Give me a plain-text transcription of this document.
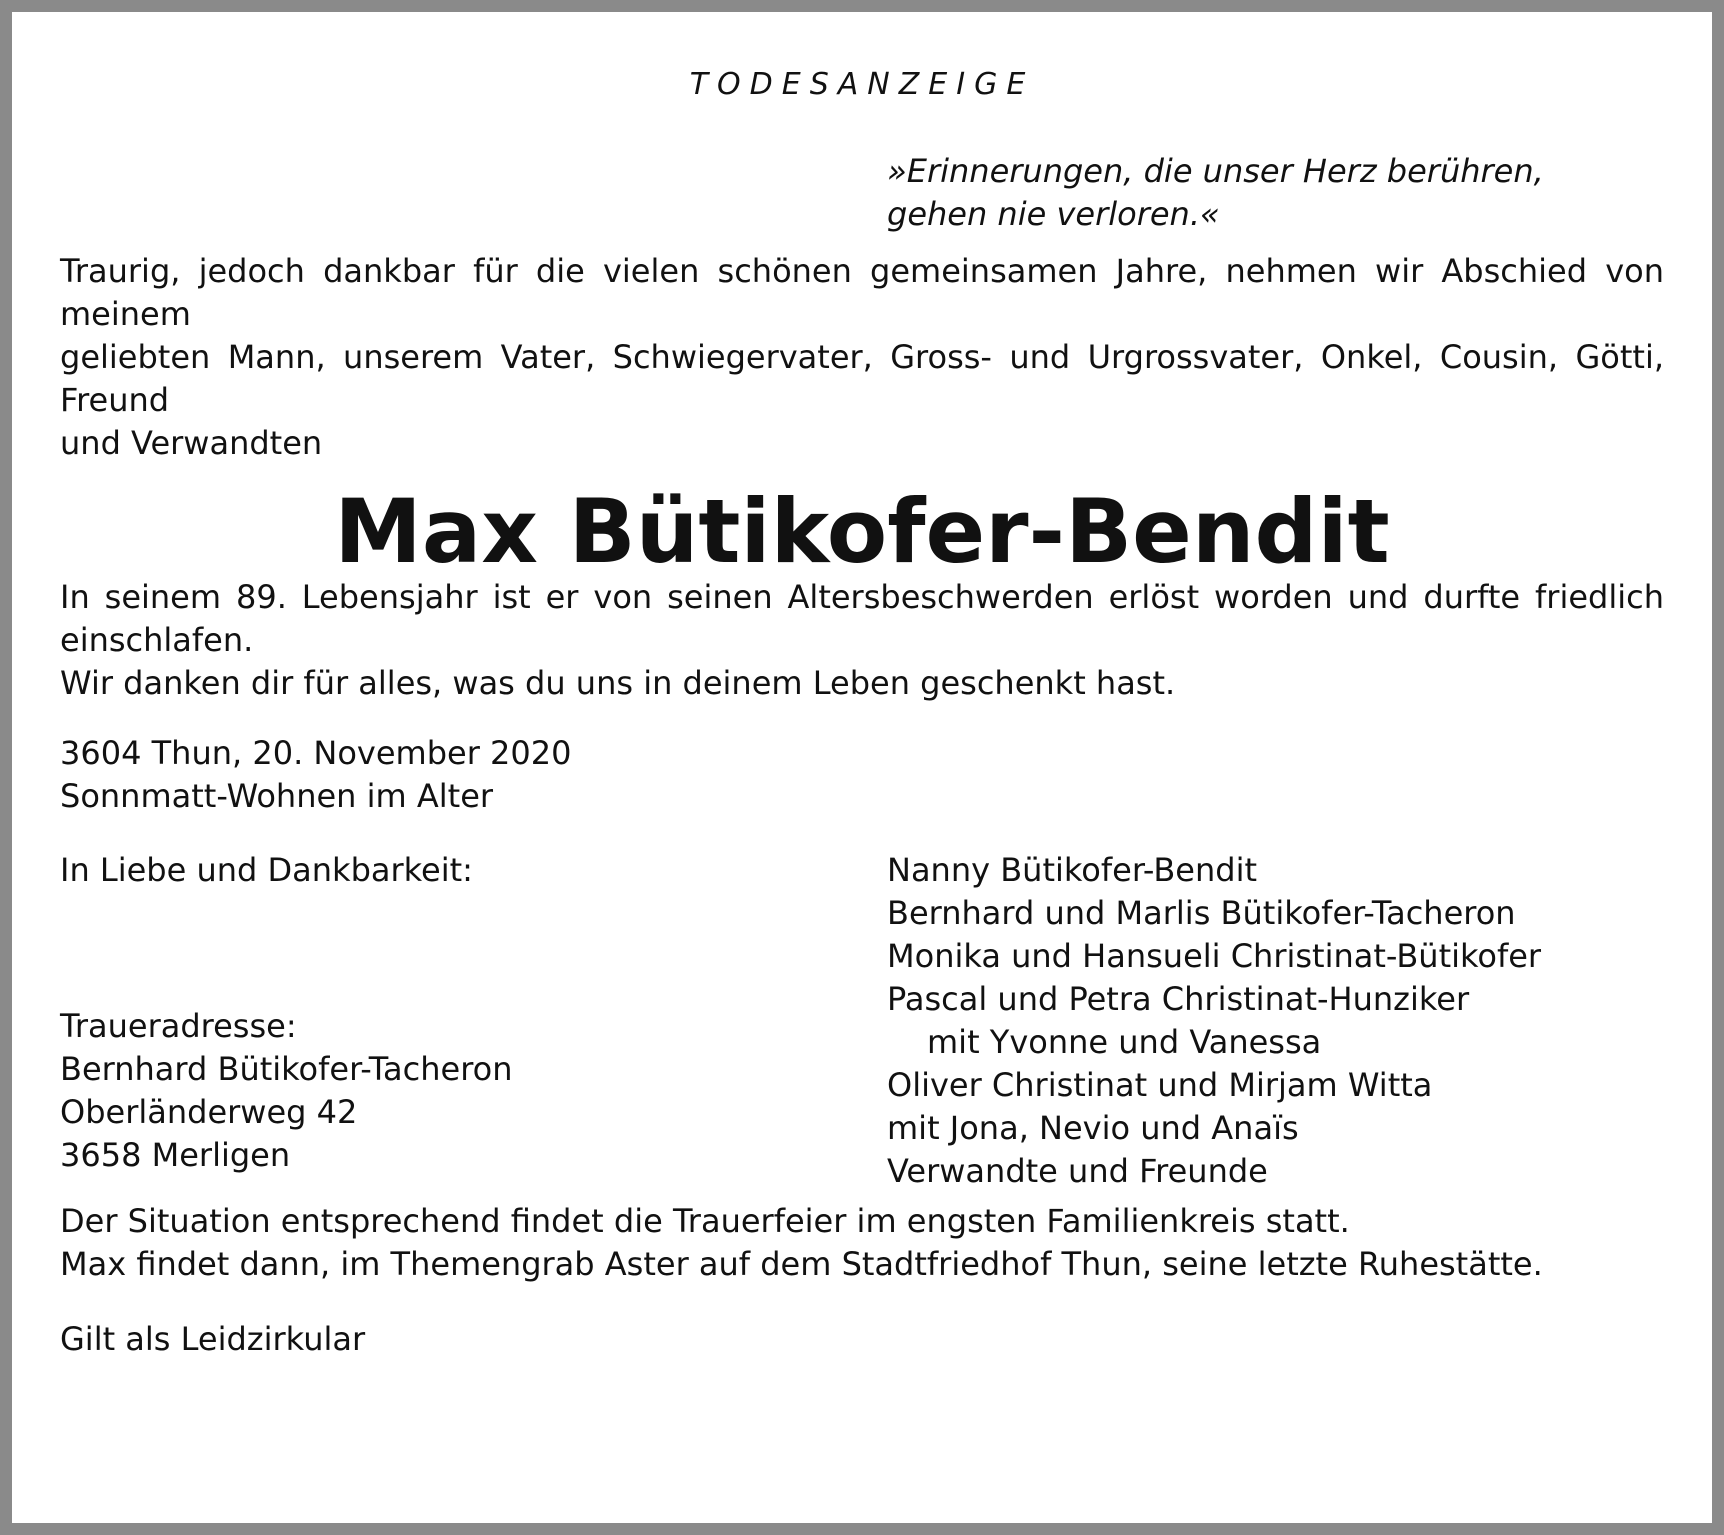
TODESANZEIGE

»Erinnerungen, die unser Herz berühren,
gehen nie verloren.«
Traurig, jedoch dankbar für die vielen schönen gemeinsamen Jahre, nehmen wir Abschied von meinem
geliebten Mann, unserem Vater, Schwiegervater, Gross- und Urgrossvater, Onkel, Cousin, Götti, Freund
und Verwandten
Max Bütikofer-Bendit
In seinem 89. Lebensjahr ist er von seinen Altersbeschwerden erlöst worden und durfte friedlich
einschlafen.
Wir danken dir für alles, was du uns in deinem Leben geschenkt hast.
3604 Thun, 20. November 2020
Sonnmatt-Wohnen im Alter

In Liebe und Dankbarkeit:	Nanny Bütikofer-Bendit
Bernhard und Marlis Bütikofer-Tacheron
Monika und Hansueli Christinat-Bütikofer
Pascal und Petra Christinat-Hunziker
mit Yvonne und Vanessa
Oliver Christinat und Mirjam Witta
mit Jona, Nevio und Anaïs
Verwandte und Freunde
Traueradresse:
Bernhard Bütikofer-Tacheron
Oberländerweg 42
3658 Merligen
Der Situation entsprechend findet die Trauerfeier im engsten Familienkreis statt.
Max findet dann, im Themengrab Aster auf dem Stadtfriedhof Thun, seine letzte Ruhestätte.

Gilt als Leidzirkular
